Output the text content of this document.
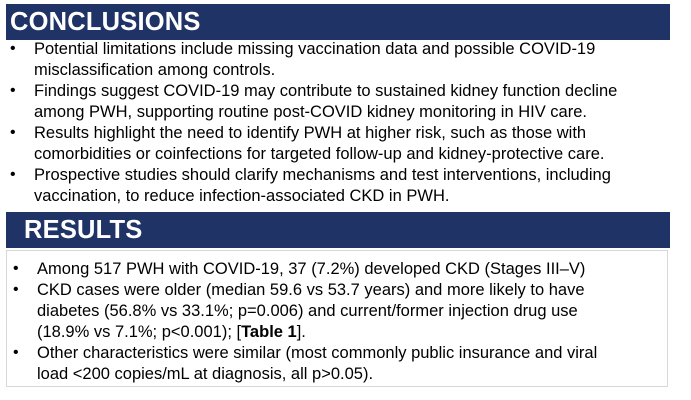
CONCLUSIONS
• Potential limitations include missing vaccination data and possible COVID-19
misclassification among controls.
• Findings suggest COVID-19 may contribute to sustained kidney function decline
among PWH, supporting routine post-COVID kidney monitoring in HIV care.
• Results highlight the need to identify PWH at higher risk, such as those with
comorbidities or coinfections for targeted follow-up and kidney-protective care.
• Prospective studies should clarify mechanisms and test interventions, including
vaccination, to reduce infection-associated CKD in PWH.
RESULTS
• Among 517 PWH with COVID-19, 37 (7.2%) developed CKD (Stages III–V)
• CKD cases were older (median 59.6 vs 53.7 years) and more likely to have
diabetes (56.8% vs 33.1%; p=0.006) and current/former injection drug use
(18.9% vs 7.1%; p<0.001); [Table 1].
• Other characteristics were similar (most commonly public insurance and viral
load <200 copies/mL at diagnosis, all p>0.05).
